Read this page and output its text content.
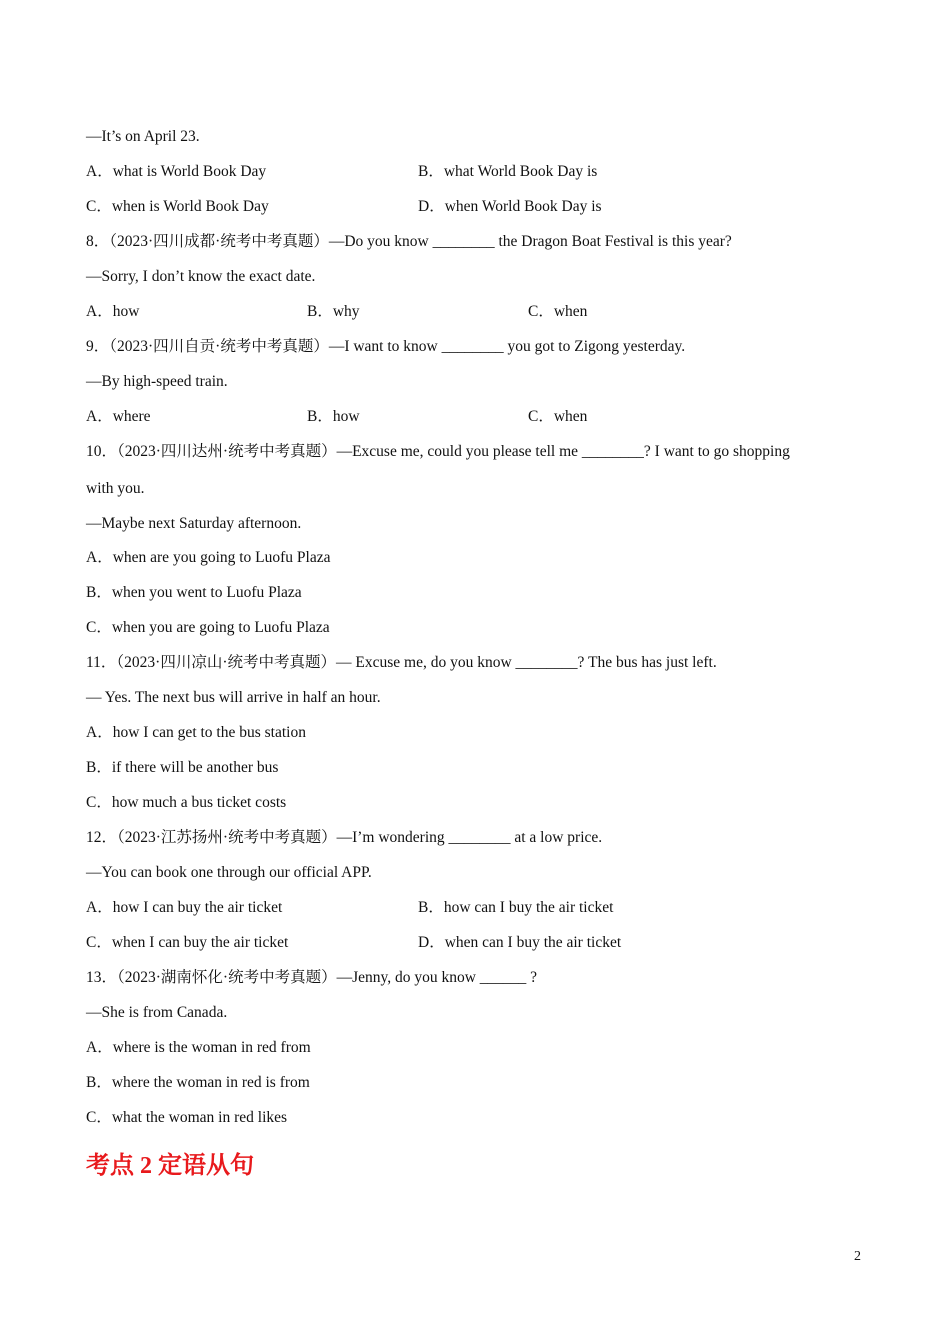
—It’s on April 23.
A．what is World Book Day	B．what World Book Day is
C．when is World Book Day	D．when World Book Day is
8．（2023·四川成都·统考中考真题）—Do you know ________ the Dragon Boat Festival is this year?
—Sorry, I don’t know the exact date.
A．how	B．why	C．when
9．（2023·四川自贡·统考中考真题）—I want to know ________ you got to Zigong yesterday.
—By high-speed train.
A．where	B．how	C．when
10．（2023·四川达州·统考中考真题）—Excuse me, could you please tell me ________? I want to go shopping
with you.
—Maybe next Saturday afternoon.
A．when are you going to Luofu Plaza
B．when you went to Luofu Plaza
C．when you are going to Luofu Plaza
11．（2023·四川凉山·统考中考真题）— Excuse me, do you know ________? The bus has just left.
— Yes. The next bus will arrive in half an hour.
A．how I can get to the bus station
B．if there will be another bus
C．how much a bus ticket costs
12．（2023·江苏扬州·统考中考真题）—I’m wondering ________ at a low price.
—You can book one through our official APP.
A．how I can buy the air ticket	B．how can I buy the air ticket
C．when I can buy the air ticket	D．when can I buy the air ticket
13．（2023·湖南怀化·统考中考真题）—Jenny, do you know ______ ?
—She is from Canada.
A．where is the woman in red from
B．where the woman in red is from
C．what the woman in red likes
考点 2 定语从句
2
